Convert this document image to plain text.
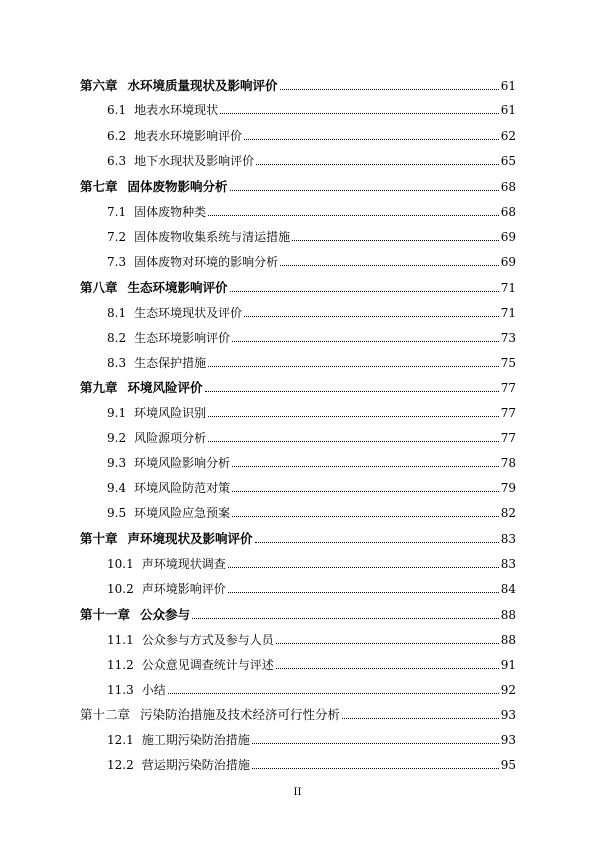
第六章 水环境质量现状及影响评价	61
6.1 地表水环境现状	61
6.2 地表水环境影响评价	62
6.3 地下水现状及影响评价	65
第七章 固体废物影响分析	68
7.1 固体废物种类	68
7.2 固体废物收集系统与清运措施	69
7.3 固体废物对环境的影响分析	69
第八章 生态环境影响评价	71
8.1 生态环境现状及评价	71
8.2 生态环境影响评价	73
8.3 生态保护措施	75
第九章 环境风险评价	77
9.1 环境风险识别	77
9.2 风险源项分析	77
9.3 环境风险影响分析	78
9.4 环境风险防范对策	79
9.5 环境风险应急预案	82
第十章 声环境现状及影响评价	83
10.1 声环境现状调查	83
10.2 声环境影响评价	84
第十一章 公众参与	88
11.1 公众参与方式及参与人员	88
11.2 公众意见调查统计与评述	91
11.3 小结	92
第十二章 污染防治措施及技术经济可行性分析	93
12.1 施工期污染防治措施	93
12.2 营运期污染防治措施	95
II
